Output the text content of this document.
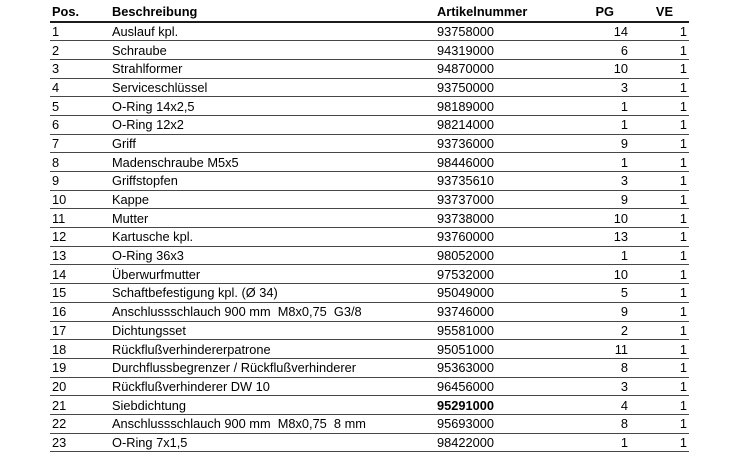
Pos.	Beschreibung	Artikelnummer	PG	VE
1	Auslauf kpl.	93758000	14	1
2	Schraube	94319000	6	1
3	Strahlformer	94870000	10	1
4	Serviceschlüssel	93750000	3	1
5	O-Ring 14x2,5	98189000	1	1
6	O-Ring 12x2	98214000	1	1
7	Griff	93736000	9	1
8	Madenschraube M5x5	98446000	1	1
9	Griffstopfen	93735610	3	1
10	Kappe	93737000	9	1
11	Mutter	93738000	10	1
12	Kartusche kpl.	93760000	13	1
13	O-Ring 36x3	98052000	1	1
14	Überwurfmutter	97532000	10	1
15	Schaftbefestigung kpl. (Ø 34)	95049000	5	1
16	Anschlussschlauch 900 mm  M8x0,75  G3/8	93746000	9	1
17	Dichtungsset	95581000	2	1
18	Rückflußverhindererpatrone	95051000	11	1
19	Durchflussbegrenzer / Rückflußverhinderer	95363000	8	1
20	Rückflußverhinderer DW 10	96456000	3	1
21	Siebdichtung	95291000	4	1
22	Anschlussschlauch 900 mm  M8x0,75  8 mm	95693000	8	1
23	O-Ring 7x1,5	98422000	1	1
